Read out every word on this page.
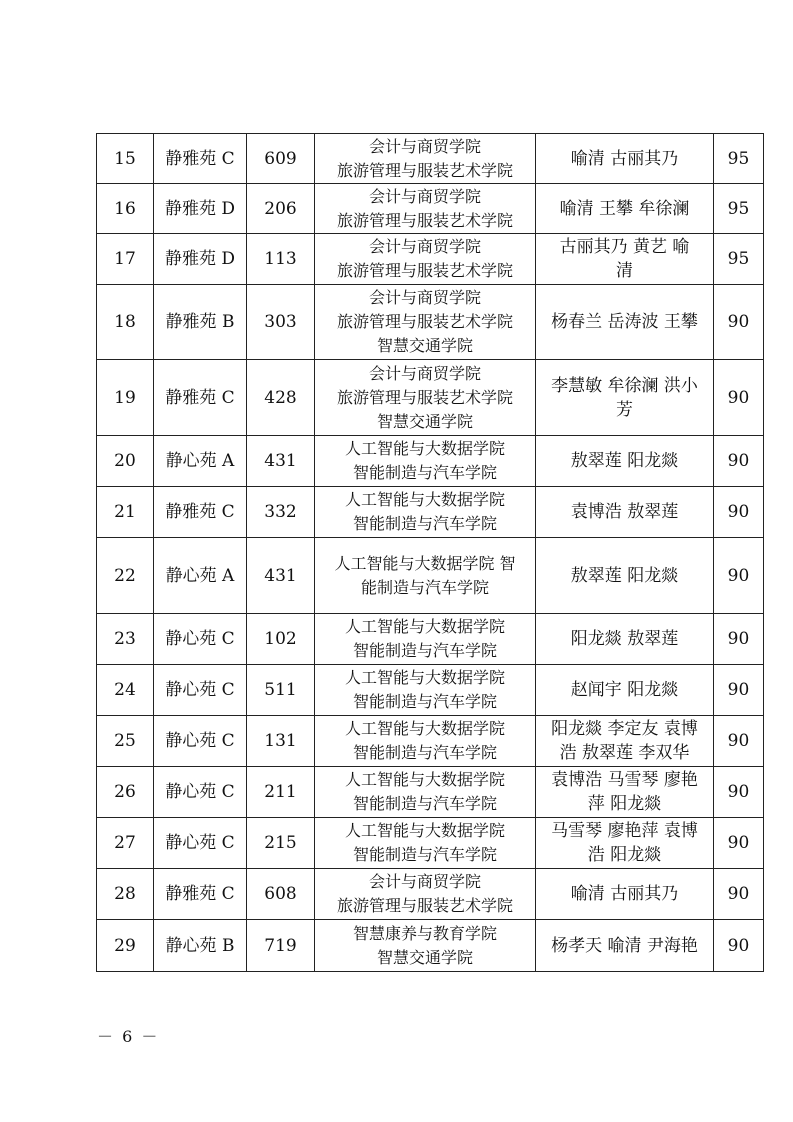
15	静雅苑 C	609	会计与商贸学院
旅游管理与服装艺术学院	喻清 古丽其乃	95
16	静雅苑 D	206	会计与商贸学院
旅游管理与服装艺术学院	喻清 王攀 牟徐澜	95
17	静雅苑 D	113	会计与商贸学院
旅游管理与服装艺术学院	古丽其乃 黄艺 喻
清	95
18	静雅苑 B	303	会计与商贸学院
旅游管理与服装艺术学院
智慧交通学院	杨春兰 岳涛波 王攀	90
19	静雅苑 C	428	会计与商贸学院
旅游管理与服装艺术学院
智慧交通学院	李慧敏 牟徐澜 洪小
芳	90
20	静心苑 A	431	人工智能与大数据学院
智能制造与汽车学院	敖翠莲 阳龙燚	90
21	静雅苑 C	332	人工智能与大数据学院
智能制造与汽车学院	袁博浩 敖翠莲	90
22	静心苑 A	431	人工智能与大数据学院 智
能制造与汽车学院	敖翠莲 阳龙燚	90
23	静心苑 C	102	人工智能与大数据学院
智能制造与汽车学院	阳龙燚 敖翠莲	90
24	静心苑 C	511	人工智能与大数据学院
智能制造与汽车学院	赵闻宇 阳龙燚	90
25	静心苑 C	131	人工智能与大数据学院
智能制造与汽车学院	阳龙燚 李定友 袁博
浩 敖翠莲 李双华	90
26	静心苑 C	211	人工智能与大数据学院
智能制造与汽车学院	袁博浩 马雪琴 廖艳
萍 阳龙燚	90
27	静心苑 C	215	人工智能与大数据学院
智能制造与汽车学院	马雪琴 廖艳萍 袁博
浩 阳龙燚	90
28	静雅苑 C	608	会计与商贸学院
旅游管理与服装艺术学院	喻清 古丽其乃	90
29	静心苑 B	719	智慧康养与教育学院
智慧交通学院	杨孝天 喻清 尹海艳	90
－ 6 －
